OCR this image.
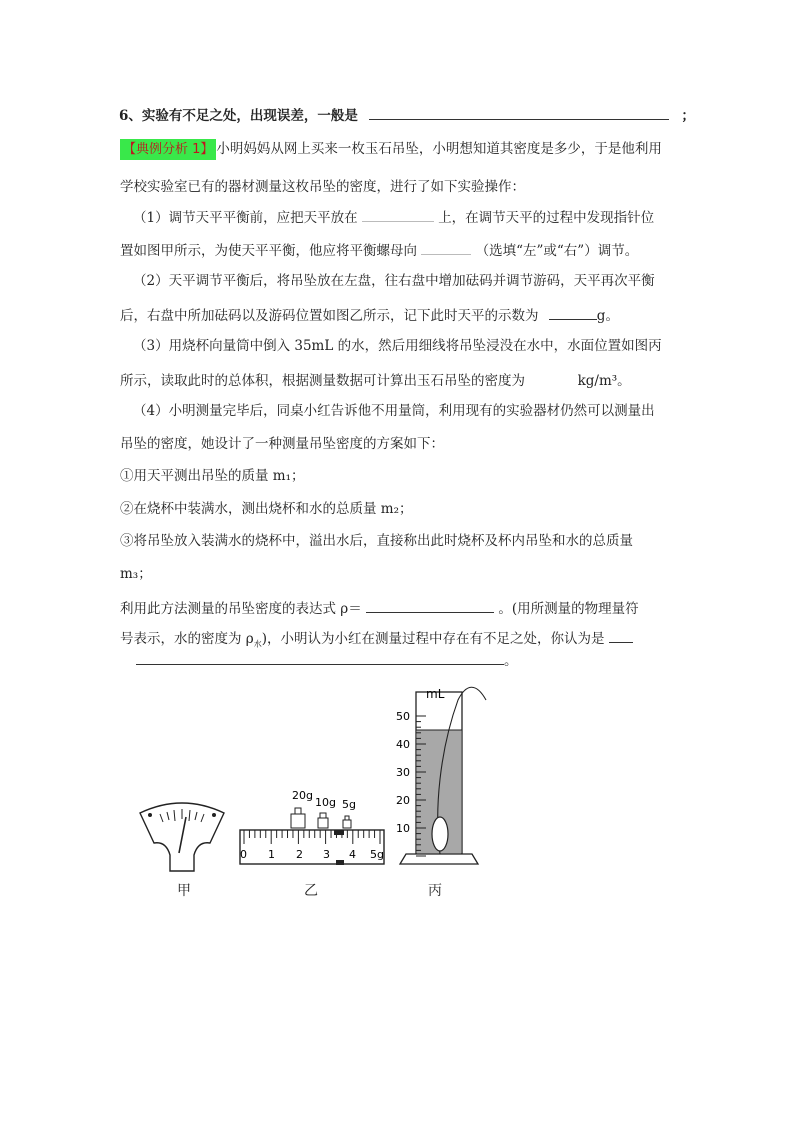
6、实验有不足之处，出现误差，一般是	；
【典例分析 1】 小明妈妈从网上买来一枚玉石吊坠，小明想知道其密度是多少，于是他利用
学校实验室已有的器材测量这枚吊坠的密度，进行了如下实验操作：
（1）调节天平平衡前，应把天平放在	上，在调节天平的过程中发现指针位
置如图甲所示，为使天平平衡，他应将平衡螺母向	（选填“左”或“右”）调节。
（2）天平调节平衡后，将吊坠放在左盘，往右盘中增加砝码并调节游码，天平再次平衡
后，右盘中所加砝码以及游码位置如图乙所示，记下此时天平的示数为	g。
（3）用烧杯向量筒中倒入 35mL 的水，然后用细线将吊坠浸没在水中，水面位置如图丙
所示，读取此时的总体积，根据测量数据可计算出玉石吊坠的密度为	kg/m³。
（4）小明测量完毕后，同桌小红告诉他不用量筒，利用现有的实验器材仍然可以测量出
吊坠的密度，她设计了一种测量吊坠密度的方案如下：
①用天平测出吊坠的质量 m₁；
②在烧杯中装满水，测出烧杯和水的总质量 m₂；
③将吊坠放入装满水的烧杯中，溢出水后，直接称出此时烧杯及杯内吊坠和水的总质量
m₃；
利用此方法测量的吊坠密度的表达式 ρ＝	。(用所测量的物理量符
号表示，水的密度为 $\rho_水$)，小明认为小红在测量过程中存在有不足之处，你认为是
。
甲
20g
10g 5g
0 1 2 3 4 5g
乙
mL
50
40
30
20
10
丙
